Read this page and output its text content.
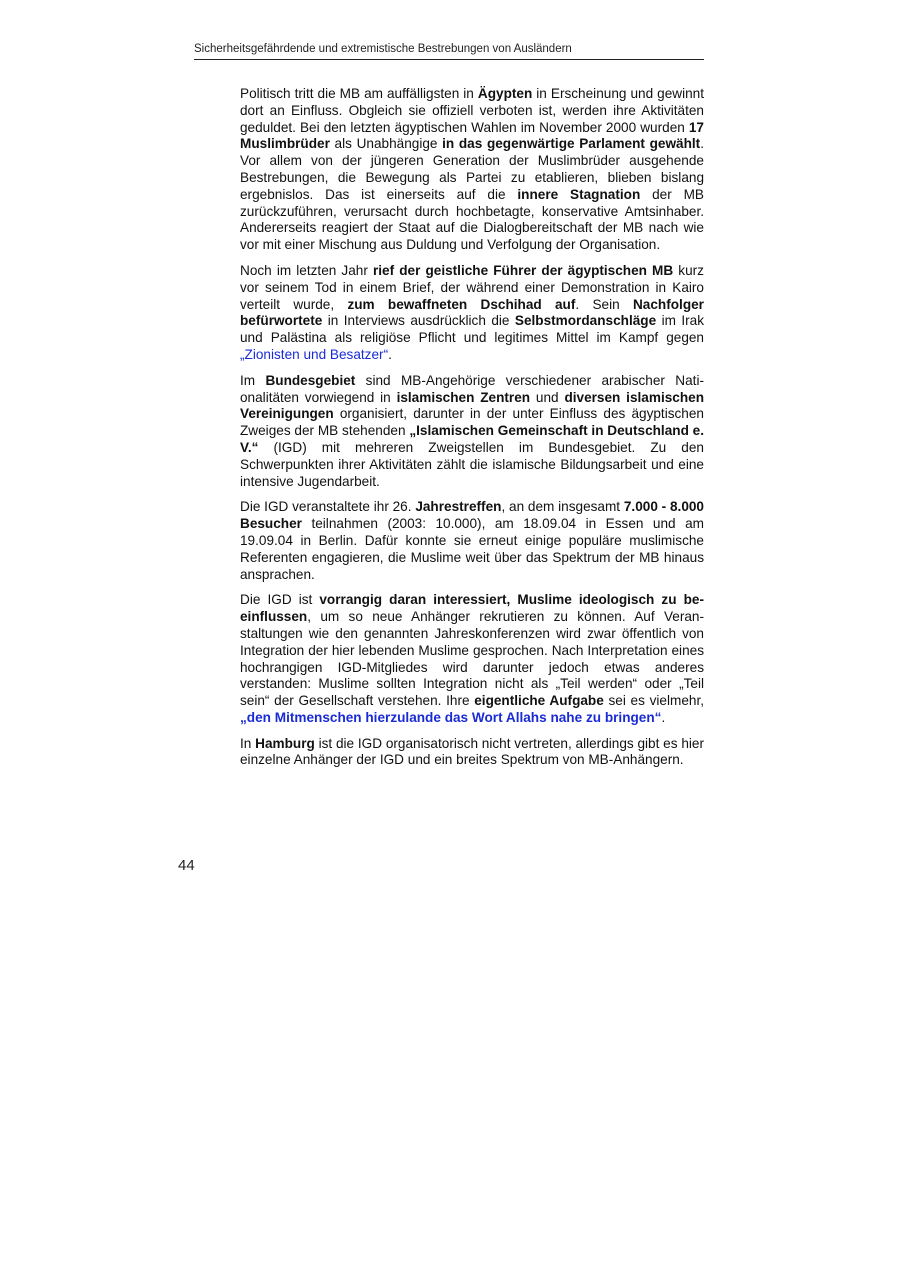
Sicherheitsgefährdende und extremistische Bestrebungen von Ausländern

Politisch tritt die MB am auffälligsten in Ägypten in Erscheinung und gewinnt dort an Einfluss. Obgleich sie offiziell verboten ist, werden ihre Aktivitäten geduldet. Bei den letzten ägyptischen Wahlen im November 2000 wurden 17 Muslimbrüder als Unabhängige in das gegenwärtige Parlament gewählt. Vor allem von der jüngeren Generation der Muslimbrüder ausgehende Bestrebungen, die Bewegung als Partei zu etablieren, blieben bislang ergebnislos. Das ist einerseits auf die innere Stagnation der MB zurückzuführen, verursacht durch hochbetagte, konservative Amtsinhaber. Andererseits reagiert der Staat auf die Dialogbereitschaft der MB nach wie vor mit einer Mischung aus Duldung und Verfolgung der Organisation.

Noch im letzten Jahr rief der geistliche Führer der ägyptischen MB kurz vor seinem Tod in einem Brief, der während einer Demonstration in Kairo verteilt wurde, zum bewaffneten Dschihad auf. Sein Nachfolger befürwortete in Interviews ausdrücklich die Selbstmordanschläge im Irak und Palästina als religiöse Pflicht und legitimes Mittel im Kampf gegen „Zionisten und Besatzer“.

Im Bundesgebiet sind MB-Angehörige verschiedener arabischer Nationalitäten vorwiegend in islamischen Zentren und diversen islamischen Vereinigungen organisiert, darunter in der unter Einfluss des ägyptischen Zweiges der MB stehenden „Islamischen Gemeinschaft in Deutschland e. V.“ (IGD) mit mehreren Zweigstellen im Bundesgebiet. Zu den Schwerpunkten ihrer Aktivitäten zählt die islamische Bildungsarbeit und eine intensive Jugendarbeit.

Die IGD veranstaltete ihr 26. Jahrestreffen, an dem insgesamt 7.000 - 8.000 Besucher teilnahmen (2003: 10.000), am 18.09.04 in Essen und am 19.09.04 in Berlin. Dafür konnte sie erneut einige populäre muslimische Referenten engagieren, die Muslime weit über das Spektrum der MB hinaus ansprachen.

Die IGD ist vorrangig daran interessiert, Muslime ideologisch zu beeinflussen, um so neue Anhänger rekrutieren zu können. Auf Veranstaltungen wie den genannten Jahreskonferenzen wird zwar öffentlich von Integration der hier lebenden Muslime gesprochen. Nach Interpretation eines hochrangigen IGD-Mitgliedes wird darunter jedoch etwas anderes verstanden: Muslime sollten Integration nicht als „Teil werden“ oder „Teil sein“ der Gesellschaft verstehen. Ihre eigentliche Aufgabe sei es vielmehr, „den Mitmenschen hierzulande das Wort Allahs nahe zu bringen“.

In Hamburg ist die IGD organisatorisch nicht vertreten, allerdings gibt es hier einzelne Anhänger der IGD und ein breites Spektrum von MB-Anhängern.

44
